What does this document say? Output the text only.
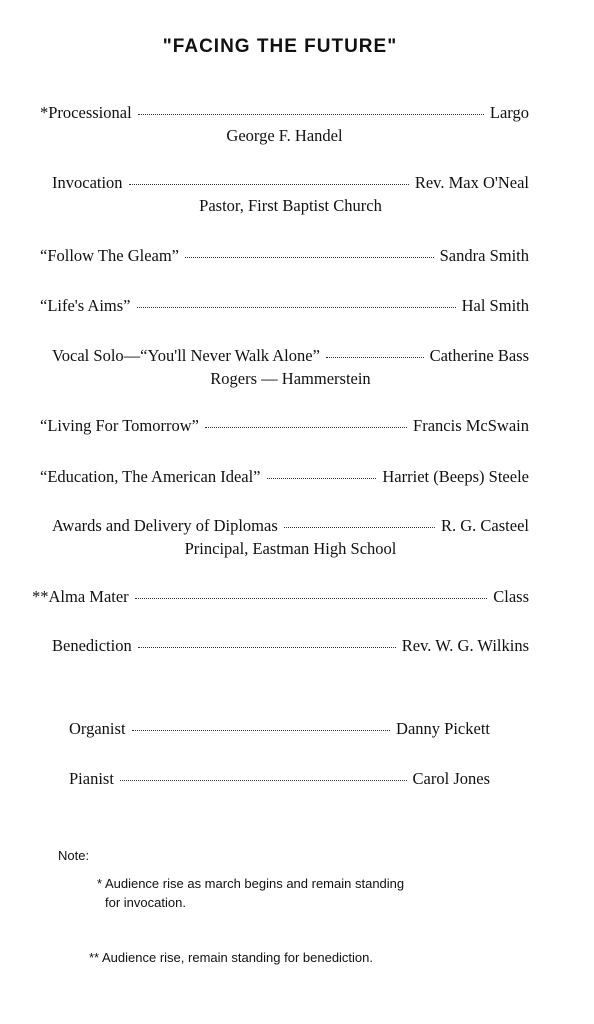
"FACING THE FUTURE"
*Processional	Largo
George F. Handel
Invocation	Rev. Max O'Neal
Pastor, First Baptist Church
“Follow The Gleam”	Sandra Smith
“Life's Aims”	Hal Smith
Vocal Solo—“You'll Never Walk Alone”	Catherine Bass
Rogers — Hammerstein
“Living For Tomorrow”	Francis McSwain
“Education, The American Ideal”	Harriet (Beeps) Steele
Awards and Delivery of Diplomas	R. G. Casteel
Principal, Eastman High School
**Alma Mater	Class
Benediction	Rev. W. G. Wilkins
Organist	Danny Pickett
Pianist	Carol Jones
Note:
* Audience rise as march begins and remain standing
for invocation.
** Audience rise, remain standing for benediction.
